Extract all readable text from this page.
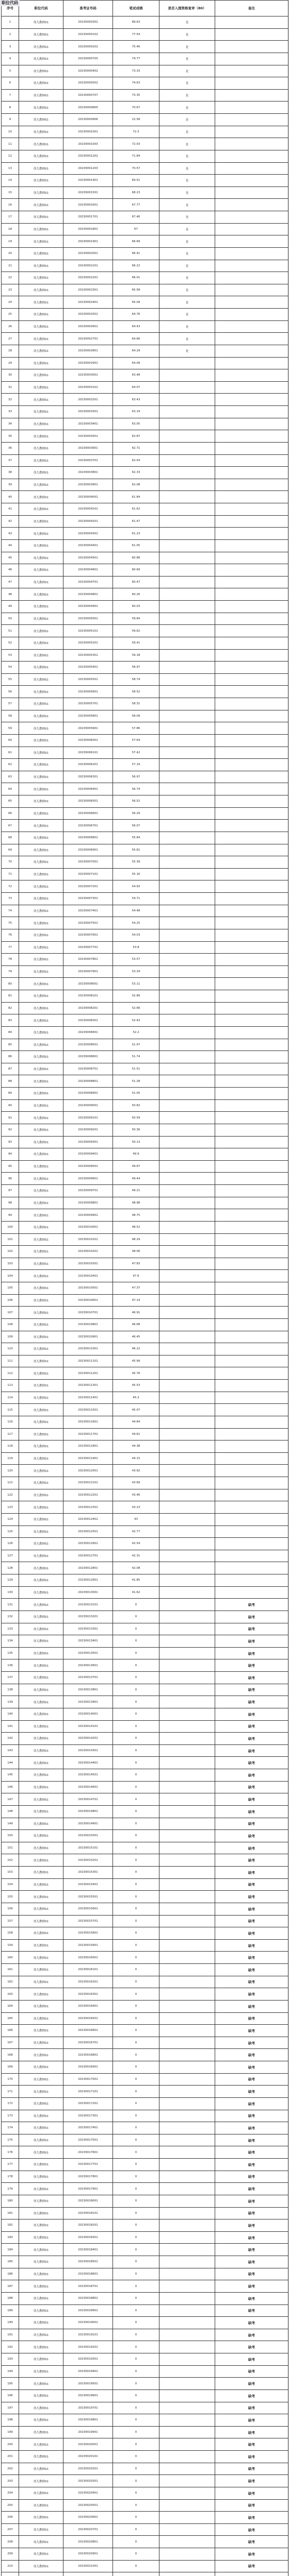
职位代码
序号	职位代码	准考证号码	笔试成绩	是否入围资格复审（80）	备注
1	幼儿教师01	20230000302	89.63	是	
2	幼儿教师01	20230000102	77.54	是	
3	幼儿教师01	20230000202	75.46	是	
4	幼儿教师01	20230000705	74.77	是	
5	幼儿教师01	20230000402	73.33	是	
6	幼儿教师01	20230000502	74.63	是	
7	幼儿教师01	20230000707	73.35	是	
8	幼儿教师01	20230000805	70.67	是	
9	幼儿教师01	20230000906	22.58	是	
10	幼儿教师01	20230001001	72.3	是	
11	幼儿教师01	20230001003	72.03	是	
12	幼儿教师01	20230001202	71.84	是	
13	幼儿教师01	20230001203	70.57	是	
14	幼儿教师01	20230001401	69.51	是	
15	幼儿教师01	20230001501	68.23	是	
16	幼儿教师01	20230001601	67.77	是	
17	幼儿教师01	20230001701	67.46	是	
18	幼儿教师01	20230001801	67	是	
19	幼儿教师01	20230001901	66.69	是	
20	幼儿教师01	20230002001	66.41	是	
21	幼儿教师01	20230002101	66.22	是	
22	幼儿教师01	20230002201	66.01	是	
23	幼儿教师01	20230002301	65.58	是	
24	幼儿教师01	20230002401	65.09	是	
25	幼儿教师01	20230002501	64.76	是	
26	幼儿教师01	20230002601	64.43	是	
27	幼儿教师01	20230002701	64.66	是	
28	幼儿教师01	20230002801	64.29	是	
29	幼儿教师01	20230002901	64.09		
30	幼儿教师01	20230003001	63.48		
31	幼儿教师01	20230003101	64.07		
32	幼儿教师01	20230003201	63.43		
33	幼儿教师01	20230003301	63.19		
34	幼儿教师01	20230003401	63.05		
35	幼儿教师01	20230003501	62.87		
36	幼儿教师01	20230003601	62.71		
37	幼儿教师01	20230003701	62.54		
38	幼儿教师01	20230003801	62.33		
39	幼儿教师01	20230003901	62.08		
40	幼儿教师01	20230004001	61.84		
41	幼儿教师01	20230004101	61.62		
42	幼儿教师01	20230004201	61.47		
43	幼儿教师01	20230004301	61.23		
44	幼儿教师01	20230004401	61.05		
45	幼儿教师01	20230004501	60.88		
46	幼儿教师01	20230004601	60.69		
47	幼儿教师01	20230004701	60.47		
48	幼儿教师01	20230004801	60.26		
49	幼儿教师01	20230004901	60.03		
50	幼儿教师01	20230005001	59.84		
51	幼儿教师01	20230005101	59.62		
52	幼儿教师01	20230005201	59.41		
53	幼儿教师01	20230005301	59.18		
54	幼儿教师01	20230005401	58.97		
55	幼儿教师01	20230005501	58.74		
56	幼儿教师01	20230005601	58.52		
57	幼儿教师01	20230005701	58.31		
58	幼儿教师01	20230005801	58.09		
59	幼儿教师01	20230005901	57.86		
60	幼儿教师01	20230006001	57.64		
61	幼儿教师01	20230006101	57.42		
62	幼儿教师01	20230006201	57.19		
63	幼儿教师01	20230006301	56.97		
64	幼儿教师01	20230006401	56.74		
65	幼儿教师01	20230006501	56.52		
66	幼儿教师01	20230006601	56.29		
67	幼儿教师01	20230006701	56.07		
68	幼儿教师01	20230006801	55.84		
69	幼儿教师01	20230006901	55.61		
70	幼儿教师01	20230007001	55.39		
71	幼儿教师01	20230007101	55.16		
72	幼儿教师01	20230007201	54.93		
73	幼儿教师01	20230007301	54.71		
74	幼儿教师01	20230007401	54.48		
75	幼儿教师01	20230007501	54.25		
76	幼儿教师01	20230007601	54.03		
77	幼儿教师01	20230007701	53.8		
78	幼儿教师01	20230007801	53.57		
79	幼儿教师01	20230007901	53.34		
80	幼儿教师01	20230008001	53.11		
81	幼儿教师01	20230008101	52.89		
82	幼儿教师01	20230008201	52.66		
83	幼儿教师01	20230008301	52.43		
84	幼儿教师01	20230008401	52.2		
85	幼儿教师01	20230008501	51.97		
86	幼儿教师01	20230008601	51.74		
87	幼儿教师01	20230008701	51.51		
88	幼儿教师01	20230008801	51.28		
89	幼儿教师01	20230008901	51.05		
90	幼儿教师01	20230009001	50.82		
91	幼儿教师01	20230009101	50.59		
92	幼儿教师01	20230009201	50.36		
93	幼儿教师01	20230009301	50.13		
94	幼儿教师01	20230009401	49.9		
95	幼儿教师01	20230009501	49.67		
96	幼儿教师01	20230009601	49.44		
97	幼儿教师01	20230009701	49.21		
98	幼儿教师01	20230009801	48.98		
99	幼儿教师01	20230009901	48.75		
100	幼儿教师01	20230010001	48.52		
101	幼儿教师01	20230010101	48.29		
102	幼儿教师01	20230010201	48.06		
103	幼儿教师01	20230010301	47.83		
104	幼儿教师01	20230010401	47.6		
105	幼儿教师01	20230010501	47.37		
106	幼儿教师01	20230010601	47.14		
107	幼儿教师01	20230010701	46.91		
108	幼儿教师01	20230010801	46.68		
109	幼儿教师01	20230010901	46.45		
110	幼儿教师01	20230011001	46.22		
111	幼儿教师01	20230011101	45.99		
112	幼儿教师01	20230011201	45.76		
113	幼儿教师01	20230011301	45.53		
114	幼儿教师01	20230011401	45.3		
115	幼儿教师01	20230011501	45.07		
116	幼儿教师01	20230011601	44.84		
117	幼儿教师01	20230011701	44.61		
118	幼儿教师01	20230011801	44.38		
119	幼儿教师01	20230011901	44.15		
120	幼儿教师01	20230012001	43.92		
121	幼儿教师01	20230012101	43.69		
122	幼儿教师01	20230012201	43.46		
123	幼儿教师01	20230012301	43.23		
124	幼儿教师01	20230012401	43		
125	幼儿教师01	20230012501	42.77		
126	幼儿教师01	20230012601	42.54		
127	幼儿教师01	20230012701	42.31		
128	幼儿教师01	20230012801	42.08		
129	幼儿教师01	20230012901	41.85		
130	幼儿教师01	20230013001	41.62		
131	幼儿教师01	20230013101	0		缺考
132	幼儿教师01	20230013201	0		缺考
133	幼儿教师01	20230013301	0		缺考
134	幼儿教师01	20230013401	0		缺考
135	幼儿教师01	20230013501	0		缺考
136	幼儿教师01	20230013601	0		缺考
137	幼儿教师01	20230013701	0		缺考
138	幼儿教师01	20230013801	0		缺考
139	幼儿教师01	20230013901	0		缺考
140	幼儿教师01	20230014001	0		缺考
141	幼儿教师01	20230014101	0		缺考
142	幼儿教师01	20230014201	0		缺考
143	幼儿教师01	20230014301	0		缺考
144	幼儿教师01	20230014401	0		缺考
145	幼儿教师01	20230014501	0		缺考
146	幼儿教师01	20230014601	0		缺考
147	幼儿教师01	20230014701	0		缺考
148	幼儿教师01	20230014801	0		缺考
149	幼儿教师01	20230014901	0		缺考
150	幼儿教师01	20230015001	0		缺考
151	幼儿教师01	20230015101	0		缺考
152	幼儿教师01	20230015201	0		缺考
153	幼儿教师01	20230015301	0		缺考
154	幼儿教师01	20230015401	0		缺考
155	幼儿教师01	20230015501	0		缺考
156	幼儿教师01	20230015601	0		缺考
157	幼儿教师01	20230015701	0		缺考
158	幼儿教师01	20230015801	0		缺考
159	幼儿教师01	20230015901	0		缺考
160	幼儿教师01	20230016001	0		缺考
161	幼儿教师01	20230016101	0		缺考
162	幼儿教师01	20230016201	0		缺考
163	幼儿教师01	20230016301	0		缺考
164	幼儿教师01	20230016401	0		缺考
165	幼儿教师01	20230016501	0		缺考
166	幼儿教师01	20230016601	0		缺考
167	幼儿教师01	20230016701	0		缺考
168	幼儿教师01	20230016801	0		缺考
169	幼儿教师01	20230016901	0		缺考
170	幼儿教师01	20230017001	0		缺考
171	幼儿教师01	20230017101	0		缺考
172	幼儿教师01	20230017201	0		缺考
173	幼儿教师01	20230017301	0		缺考
174	幼儿教师01	20230017401	0		缺考
175	幼儿教师01	20230017501	0		缺考
176	幼儿教师01	20230017601	0		缺考
177	幼儿教师01	20230017701	0		缺考
178	幼儿教师01	20230017801	0		缺考
179	幼儿教师01	20230017901	0		缺考
180	幼儿教师01	20230018001	0		缺考
181	幼儿教师01	20230018101	0		缺考
182	幼儿教师01	20230018201	0		缺考
183	幼儿教师01	20230018301	0		缺考
184	幼儿教师01	20230018401	0		缺考
185	幼儿教师01	20230018501	0		缺考
186	幼儿教师01	20230018601	0		缺考
187	幼儿教师01	20230018701	0		缺考
188	幼儿教师01	20230018801	0		缺考
189	幼儿教师01	20230018901	0		缺考
190	幼儿教师01	20230019001	0		缺考
191	幼儿教师01	20230019101	0		缺考
192	幼儿教师01	20230019201	0		缺考
193	幼儿教师01	20230019301	0		缺考
194	幼儿教师01	20230019401	0		缺考
195	幼儿教师01	20230019501	0		缺考
196	幼儿教师01	20230019601	0		缺考
197	幼儿教师01	20230019701	0		缺考
198	幼儿教师01	20230019801	0		缺考
199	幼儿教师01	20230019901	0		缺考
200	幼儿教师01	20230020001	0		缺考
201	幼儿教师01	20230020101	0		缺考
202	幼儿教师01	20230020201	0		缺考
203	幼儿教师01	20230020301	0		缺考
204	幼儿教师01	20230020401	0		缺考
205	幼儿教师01	20230020501	0		缺考
206	幼儿教师01	20230020601	0		缺考
207	幼儿教师01	20230020701	0		缺考
208	幼儿教师01	20230020801	0		缺考
209	幼儿教师01	20230020901	0		缺考
210	幼儿教师01	20230021001	0		缺考
